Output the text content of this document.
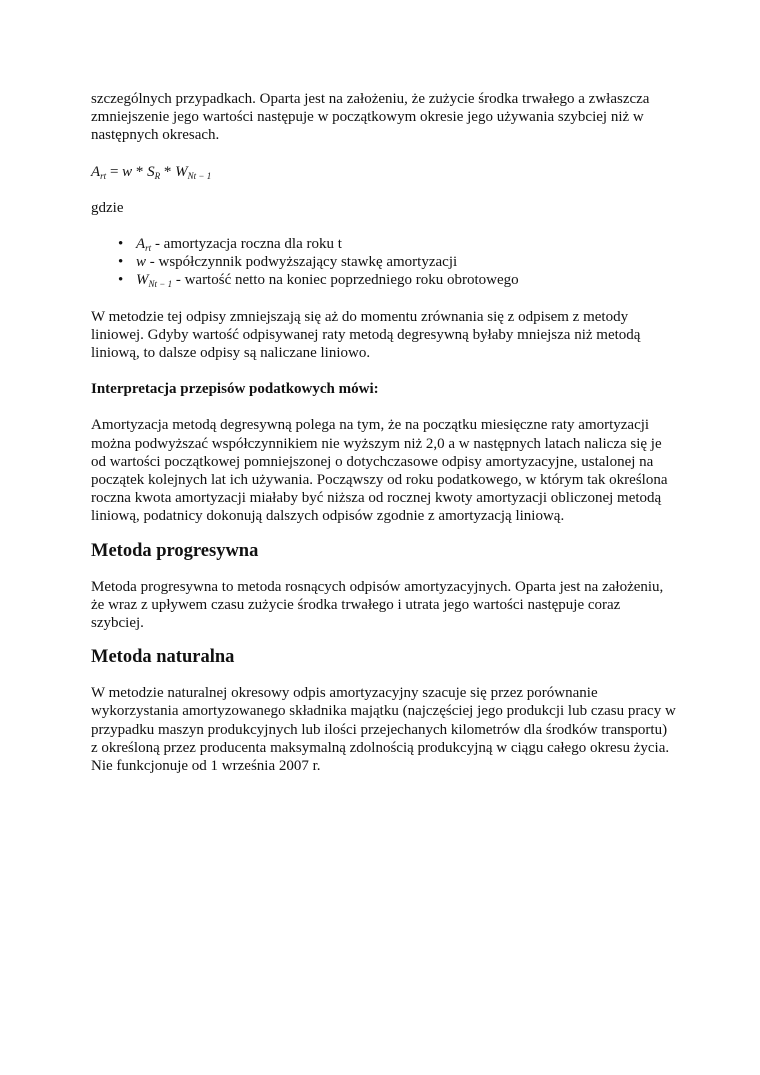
szczególnych przypadkach. Oparta jest na założeniu, że zużycie środka trwałego a zwłaszcza zmniejszenie jego wartości następuje w początkowym okresie jego używania szybciej niż w następnych okresach.

$A_{rt} = w * S_R * W_{Nt - 1}$

gdzie

• $A_{rt}$ - amortyzacja roczna dla roku t
• w - współczynnik podwyższający stawkę amortyzacji
• $W_{Nt - 1}$ - wartość netto na koniec poprzedniego roku obrotowego

W metodzie tej odpisy zmniejszają się aż do momentu zrównania się z odpisem z metody liniowej. Gdyby wartość odpisywanej raty metodą degresywną byłaby mniejsza niż metodą liniową, to dalsze odpisy są naliczane liniowo.

Interpretacja przepisów podatkowych mówi:

Amortyzacja metodą degresywną polega na tym, że na początku miesięczne raty amortyzacji można podwyższać współczynnikiem nie wyższym niż 2,0 a w następnych latach nalicza się je od wartości początkowej pomniejszonej o dotychczasowe odpisy amortyzacyjne, ustalonej na początek kolejnych lat ich używania. Począwszy od roku podatkowego, w którym tak określona roczna kwota amortyzacji miałaby być niższa od rocznej kwoty amortyzacji obliczonej metodą liniową, podatnicy dokonują dalszych odpisów zgodnie z amortyzacją liniową.

Metoda progresywna

Metoda progresywna to metoda rosnących odpisów amortyzacyjnych. Oparta jest na założeniu, że wraz z upływem czasu zużycie środka trwałego i utrata jego wartości następuje coraz szybciej.

Metoda naturalna

W metodzie naturalnej okresowy odpis amortyzacyjny szacuje się przez porównanie wykorzystania amortyzowanego składnika majątku (najczęściej jego produkcji lub czasu pracy w przypadku maszyn produkcyjnych lub ilości przejechanych kilometrów dla środków transportu) z określoną przez producenta maksymalną zdolnością produkcyjną w ciągu całego okresu życia. Nie funkcjonuje od 1 września 2007 r.
